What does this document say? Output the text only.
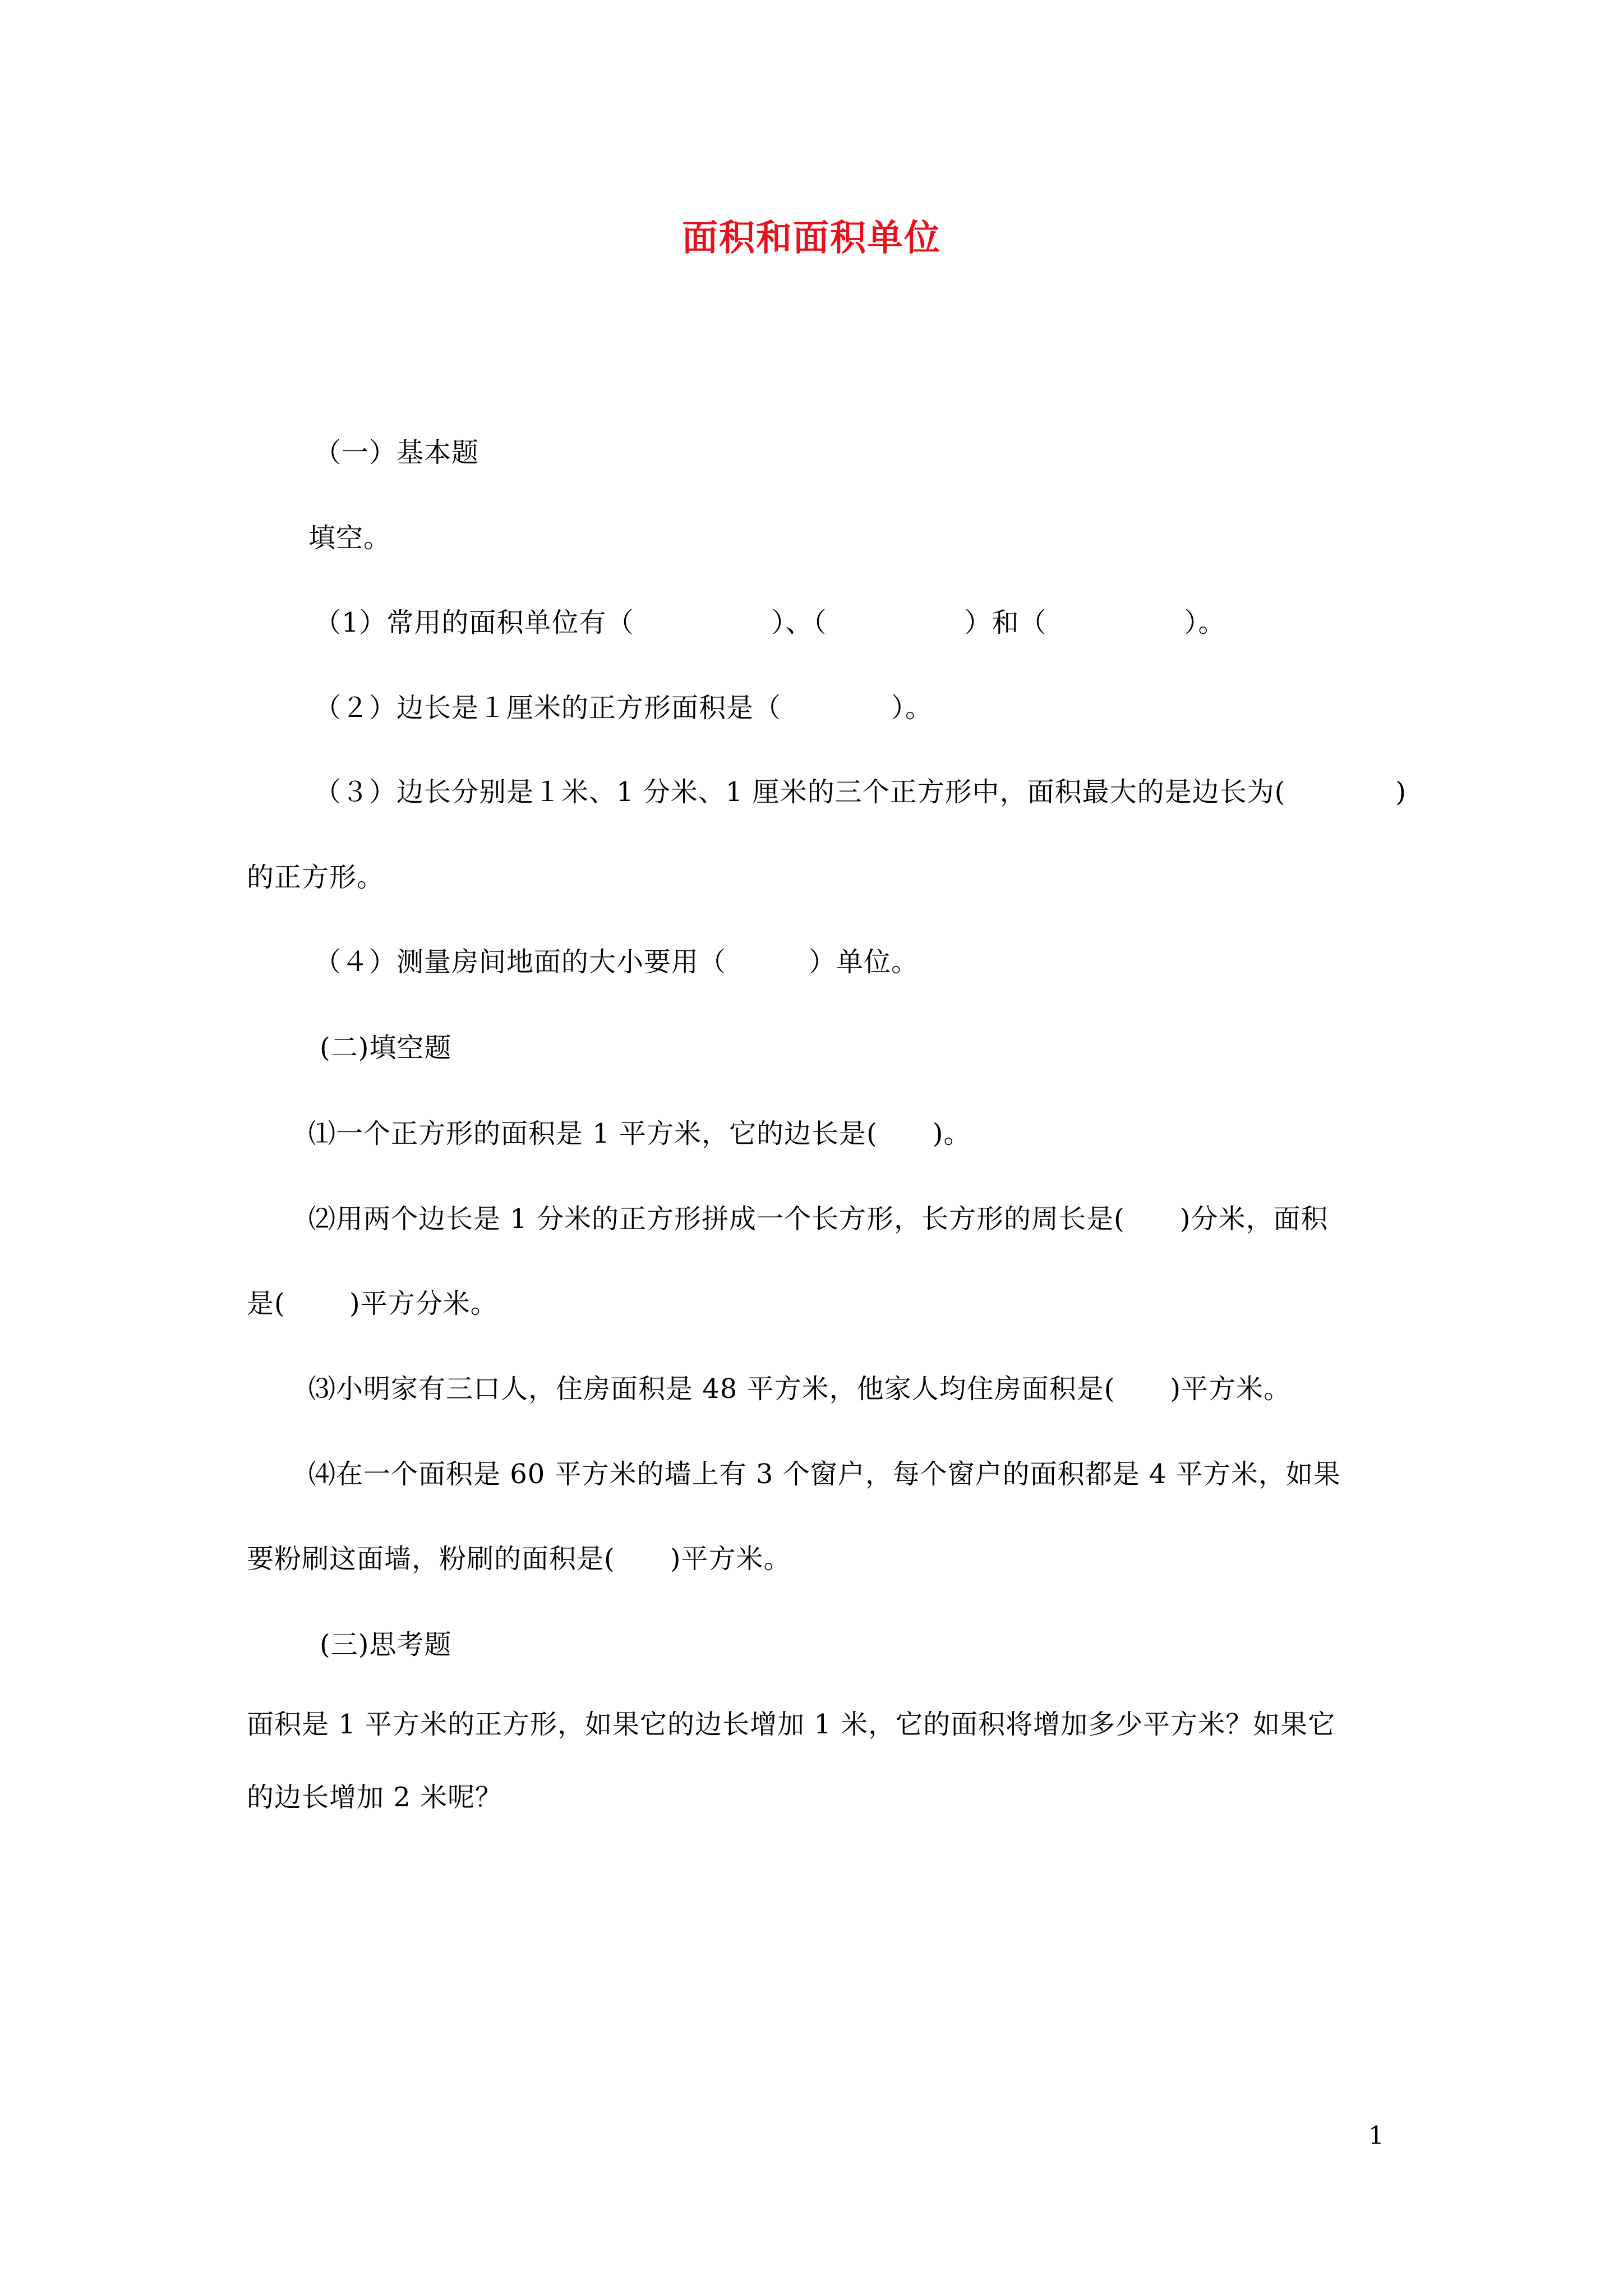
面积和面积单位
（一）基本题
填空。
（1）常用的面积单位有（　　　　　）、（　　　　　）和（　　　　　）。
（２）边长是１厘米的正方形面积是（　　　　）。
（３）边长分别是１米、1 分米、1 厘米的三个正方形中，面积最大的是边长为(　　　　)
的正方形。
（４）测量房间地面的大小要用（　　　）单位。
(二)填空题
⑴一个正方形的面积是 1 平方米，它的边长是(　　)。
⑵用两个边长是 1 分米的正方形拼成一个长方形，长方形的周长是(　　)分米，面积
是(　　 )平方分米。
⑶小明家有三口人，住房面积是 48 平方米，他家人均住房面积是(　　)平方米。
⑷在一个面积是 60 平方米的墙上有 3 个窗户，每个窗户的面积都是 4 平方米，如果
要粉刷这面墙，粉刷的面积是(　　)平方米。
(三)思考题
面积是 1 平方米的正方形，如果它的边长增加 1 米，它的面积将增加多少平方米？如果它
的边长增加 2 米呢？
1
